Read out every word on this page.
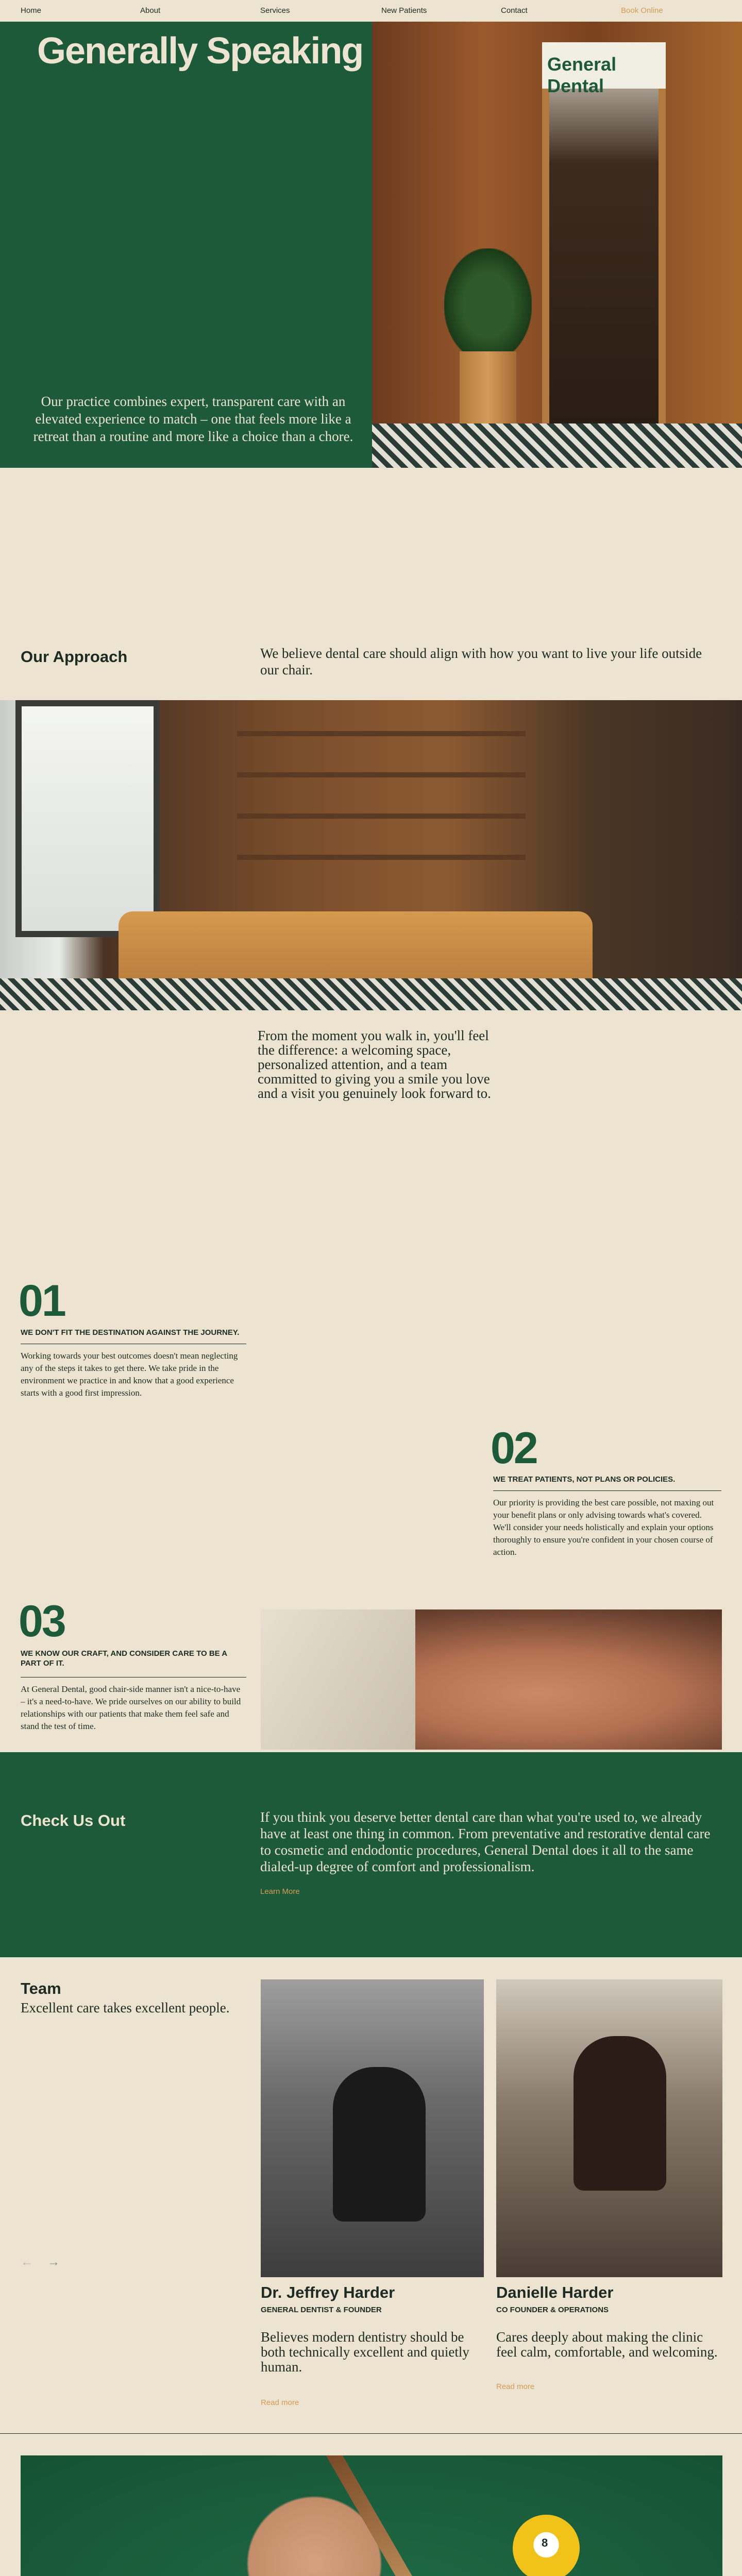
Home	About	Services	New Patients	Contact	Book Online
Generally Speaking

Our practice combines expert, transparent care with an elevated experience to match – one that feels more like a retreat than a routine and more like a choice than a chore.

General Dental
Our Approach	We believe dental care should align with how you want to live your life outside our chair.

From the moment you walk in, you'll feel the difference: a welcoming space, personalized attention, and a team committed to giving you a smile you love and a visit you genuinely look forward to.

01
WE DON'T FIT THE DESTINATION AGAINST THE JOURNEY.

Working towards your best outcomes doesn't mean neglecting any of the steps it takes to get there. We take pride in the environment we practice in and know that a good experience starts with a good first impression.

02
WE TREAT PATIENTS, NOT PLANS OR POLICIES.

Our priority is providing the best care possible, not maxing out your benefit plans or only advising towards what's covered. We'll consider your needs holistically and explain your options thoroughly to ensure you're confident in your chosen course of action.

03
WE KNOW OUR CRAFT, AND CONSIDER CARE TO BE A PART OF IT.

At General Dental, good chair-side manner isn't a nice-to-have – it's a need-to-have. We pride ourselves on our ability to build relationships with our patients that make them feel safe and stand the test of time.

Check Us Out	If you think you deserve better dental care than what you're used to, we already have at least one thing in common. From preventative and restorative dental care to cosmetic and endodontic procedures, General Dental does it all to the same dialed-up degree of comfort and professionalism.

Learn More
Team

Excellent care takes excellent people.

← →
Dr. Jeffrey Harder
GENERAL DENTIST & FOUNDER

Believes modern dentistry should be both technically excellent and quietly human.

Read more
Danielle Harder
CO FOUNDER & OPERATIONS

Cares deeply about making the clinic feel calm, comfortable, and welcoming.

Read more
8
